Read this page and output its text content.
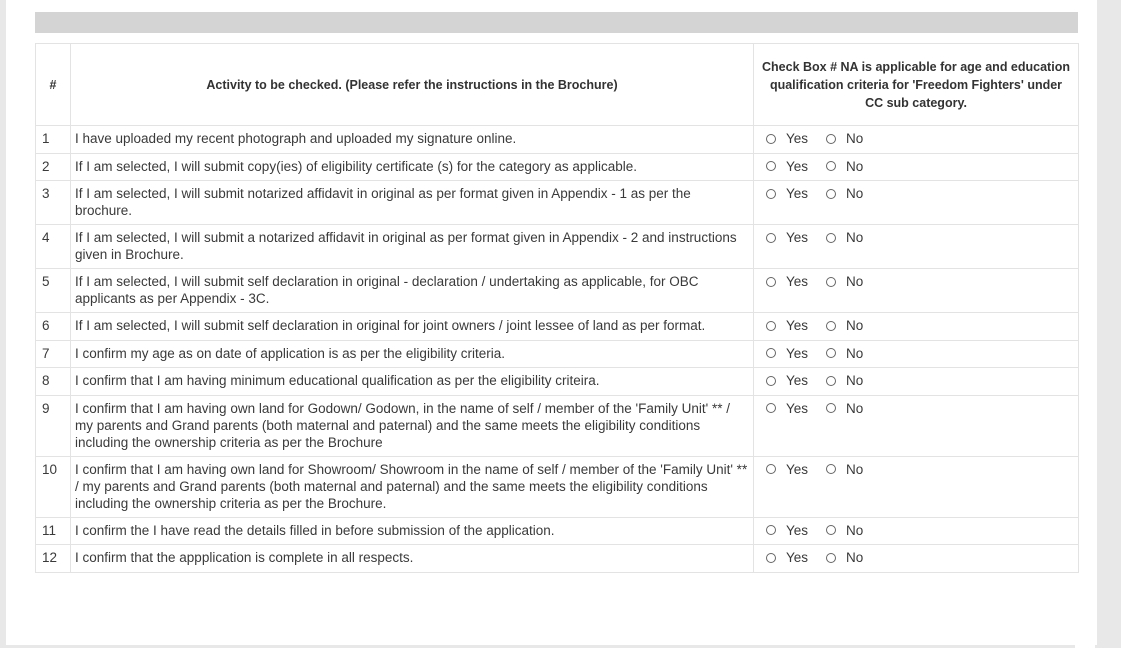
#	Activity to be checked. (Please refer the instructions in the Brochure)	Check Box # NA is applicable for age and education qualification criteria for 'Freedom Fighters' under CC sub category.
1	I have uploaded my recent photograph and uploaded my signature online.	Yes No

2	If I am selected, I will submit copy(ies) of eligibility certificate (s) for the category as applicable.	Yes No

3	If I am selected, I will submit notarized affidavit in original as per format given in Appendix - 1 as per the brochure.	Yes No

4	If I am selected, I will submit a notarized affidavit in original as per format given in Appendix - 2 and instructions given in Brochure.	Yes No

5	If I am selected, I will submit self declaration in original - declaration / undertaking as applicable, for OBC applicants as per Appendix - 3C.	Yes No

6	If I am selected, I will submit self declaration in original for joint owners / joint lessee of land as per format.	Yes No

7	I confirm my age as on date of application is as per the eligibility criteria.	Yes No

8	I confirm that I am having minimum educational qualification as per the eligibility criteira.	Yes No

9	I confirm that I am having own land for Godown/ Godown, in the name of self / member of the 'Family Unit' ** / my parents and Grand parents (both maternal and paternal) and the same meets the eligibility conditions including the ownership criteria as per the Brochure	Yes No

10	I confirm that I am having own land for Showroom/ Showroom in the name of self / member of the 'Family Unit' ** / my parents and Grand parents (both maternal and paternal) and the same meets the eligibility conditions including the ownership criteria as per the Brochure.	Yes No

11	I confirm the I have read the details filled in before submission of the application.	Yes No

12	I confirm that the appplication is complete in all respects.	Yes No
